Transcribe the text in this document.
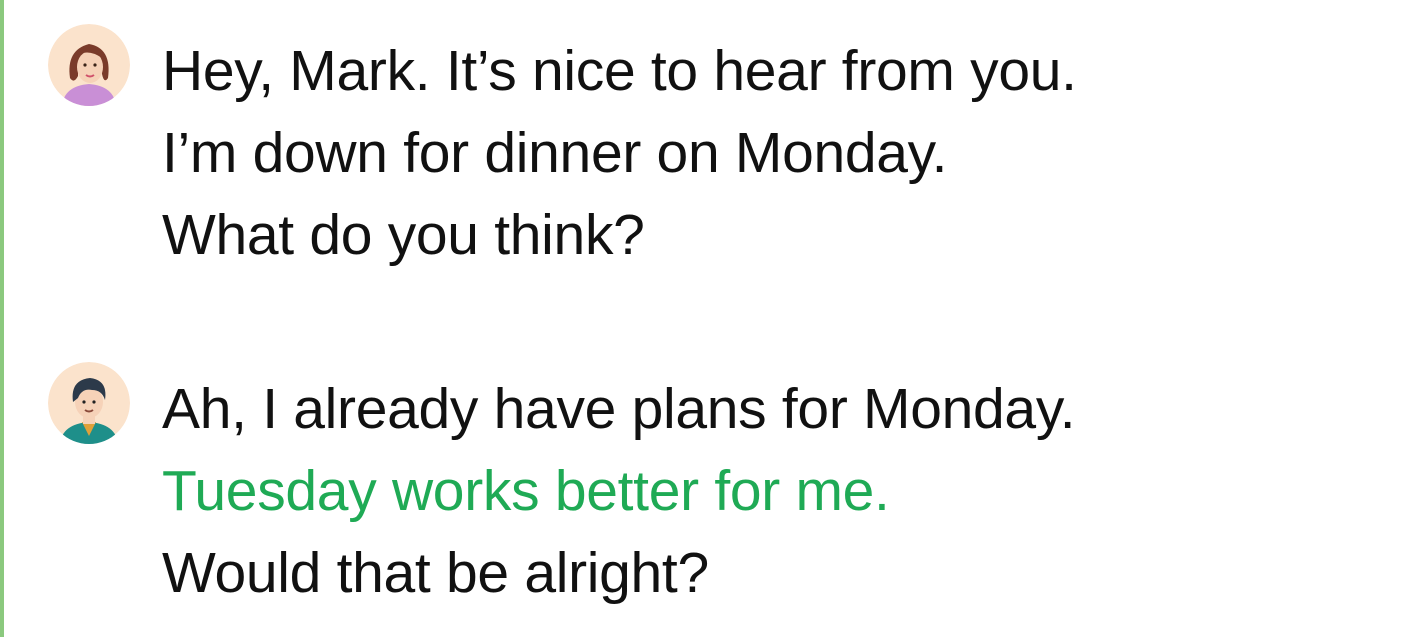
Hey, Mark. It’s nice to hear from you.
I’m down for dinner on Monday.
What do you think?
Ah, I already have plans for Monday.
Tuesday works better for me.
Would that be alright?
